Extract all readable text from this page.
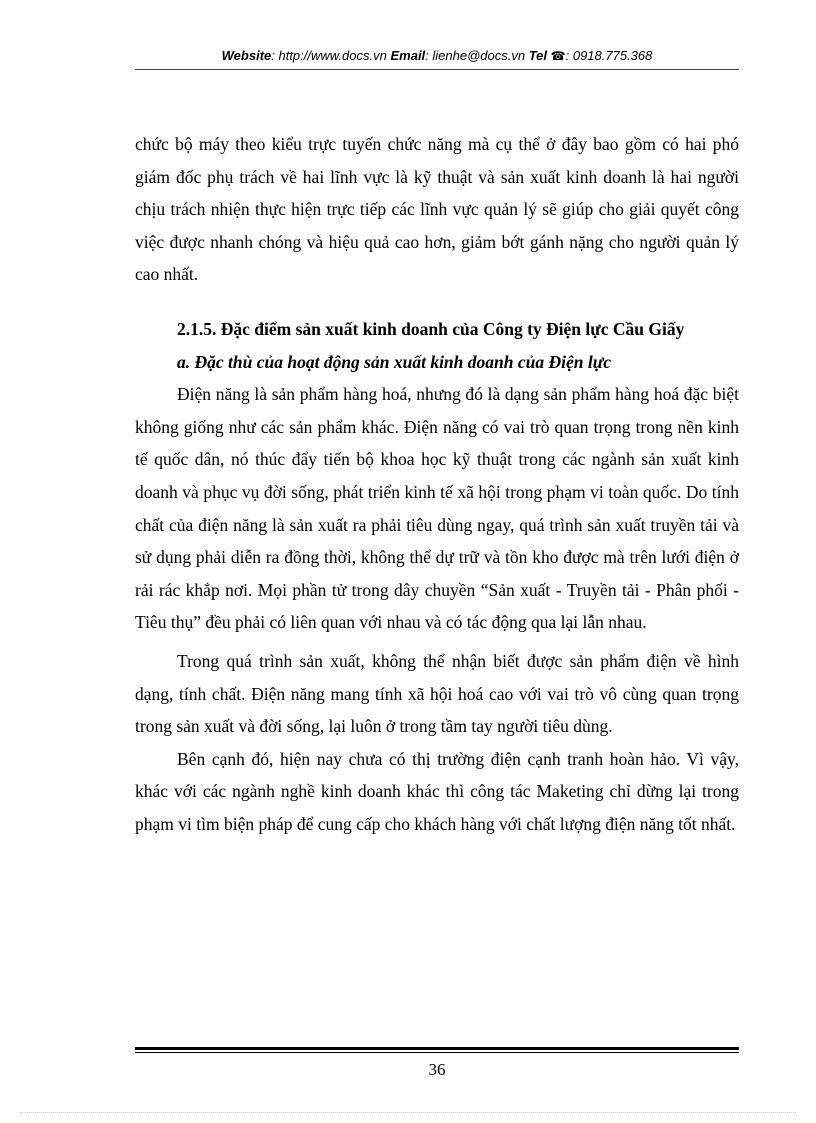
Website: http://www.docs.vn Email: lienhe@docs.vn Tel ☎: 0918.775.368

chức bộ máy theo kiểu trực tuyến chức năng mà cụ thể ở đây bao gồm có hai phó giám đốc phụ trách về hai lĩnh vực là kỹ thuật và sản xuất kinh doanh là hai người chịu trách nhiện thực hiện trực tiếp các lĩnh vực quản lý sẽ giúp cho giải quyết công việc được nhanh chóng và hiệu quả cao hơn, giảm bớt gánh nặng cho người quản lý cao nhất.

2.1.5. Đặc điểm sản xuất kinh doanh của Công ty Điện lực Cầu Giấy

a. Đặc thù của hoạt động sản xuất kinh doanh của Điện lực

Điện năng là sản phẩm hàng hoá, nhưng đó là dạng sản phẩm hàng hoá đặc biệt không giống như các sản phẩm khác. Điện năng có vai trò quan trọng trong nền kinh tế quốc dân, nó thúc đẩy tiến bộ khoa học kỹ thuật trong các ngành sản xuất kinh doanh và phục vụ đời sống, phát triển kinh tế xã hội trong phạm vi toàn quốc. Do tính chất của điện năng là sản xuất ra phải tiêu dùng ngay, quá trình sản xuất truyền tải và sử dụng phải diễn ra đồng thời, không thể dự trữ và tồn kho được mà trên lưới điện ở rải rác khắp nơi. Mọi phần tử trong dây chuyền “Sản xuất - Truyền tải - Phân phối - Tiêu thụ” đều phải có liên quan với nhau và có tác động qua lại lẫn nhau.

Trong quá trình sản xuất, không thể nhận biết được sản phẩm điện về hình dạng, tính chất. Điện năng mang tính xã hội hoá cao với vai trò vô cùng quan trọng trong sản xuất và đời sống, lại luôn ở trong tầm tay người tiêu dùng.

Bên cạnh đó, hiện nay chưa có thị trường điện cạnh tranh hoàn hảo. Vì vậy, khác với các ngành nghề kinh doanh khác thì công tác Maketing chỉ dừng lại trong phạm vi tìm biện pháp để cung cấp cho khách hàng với chất lượng điện năng tốt nhất.

36
